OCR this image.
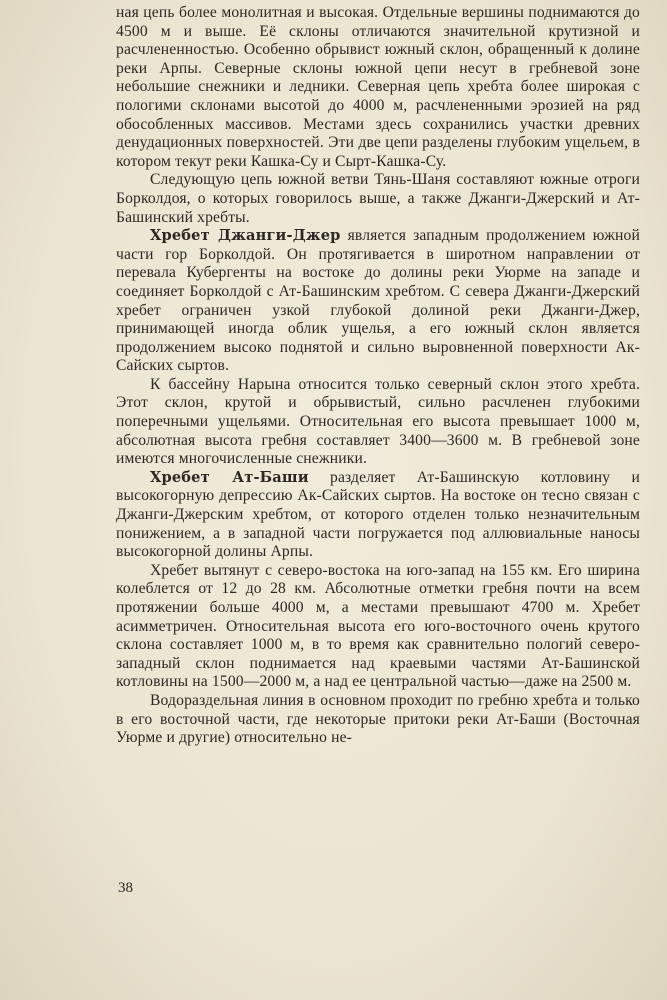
ная цепь более монолитная и высокая. Отдельные вершины поднимаются до 4500 м и выше. Её склоны отличаются значительной крутизной и расчлененностью. Особенно обрывист южный склон, обращенный к долине реки Арпы. Северные склоны южной цепи несут в гребневой зоне небольшие снежники и ледники. Северная цепь хребта более широкая с пологими склонами высотой до 4000 м, расчлененными эрозией на ряд обособленных массивов. Местами здесь сохранились участки древних денудационных поверхностей. Эти две цепи разделены глубоким ущельем, в котором текут реки Кашка-Су и Сырт-Кашка-Су.

Следующую цепь южной ветви Тянь-Шаня составляют южные отроги Борколдоя, о которых говорилось выше, а также Джанги-Джерский и Ат-Башинский хребты.

Хребет Джанги-Джер является западным продолжением южной части гор Борколдой. Он протягивается в широтном направлении от перевала Кубергенты на востоке до долины реки Уюрме на западе и соединяет Борколдой с Ат-Башинским хребтом. С севера Джанги-Джерский хребет ограничен узкой глубокой долиной реки Джанги-Джер, принимающей иногда облик ущелья, а его южный склон является продолжением высоко поднятой и сильно выровненной поверхности Ак-Сайских сыртов.

К бассейну Нарына относится только северный склон этого хребта. Этот склон, крутой и обрывистый, сильно расчленен глубокими поперечными ущельями. Относительная его высота превышает 1000 м, абсолютная высота гребня составляет 3400—3600 м. В гребневой зоне имеются многочисленные снежники.

Хребет Ат-Баши разделяет Ат-Башинскую котловину и высокогорную депрессию Ак-Сайских сыртов. На востоке он тесно связан с Джанги-Джерским хребтом, от которого отделен только незначительным понижением, а в западной части погружается под аллювиальные наносы высокогорной долины Арпы.

Хребет вытянут с северо-востока на юго-запад на 155 км. Его ширина колеблется от 12 до 28 км. Абсолютные отметки гребня почти на всем протяжении больше 4000 м, а местами превышают 4700 м. Хребет асимметричен. Относительная высота его юго-восточного очень крутого склона составляет 1000 м, в то время как сравнительно пологий северо-западный склон поднимается над краевыми частями Ат-Башинской котловины на 1500—2000 м, а над ее центральной частью—даже на 2500 м.

Водораздельная линия в основном проходит по гребню хребта и только в его восточной части, где некоторые притоки реки Ат-Баши (Восточная Уюрме и другие) относительно не-

38
